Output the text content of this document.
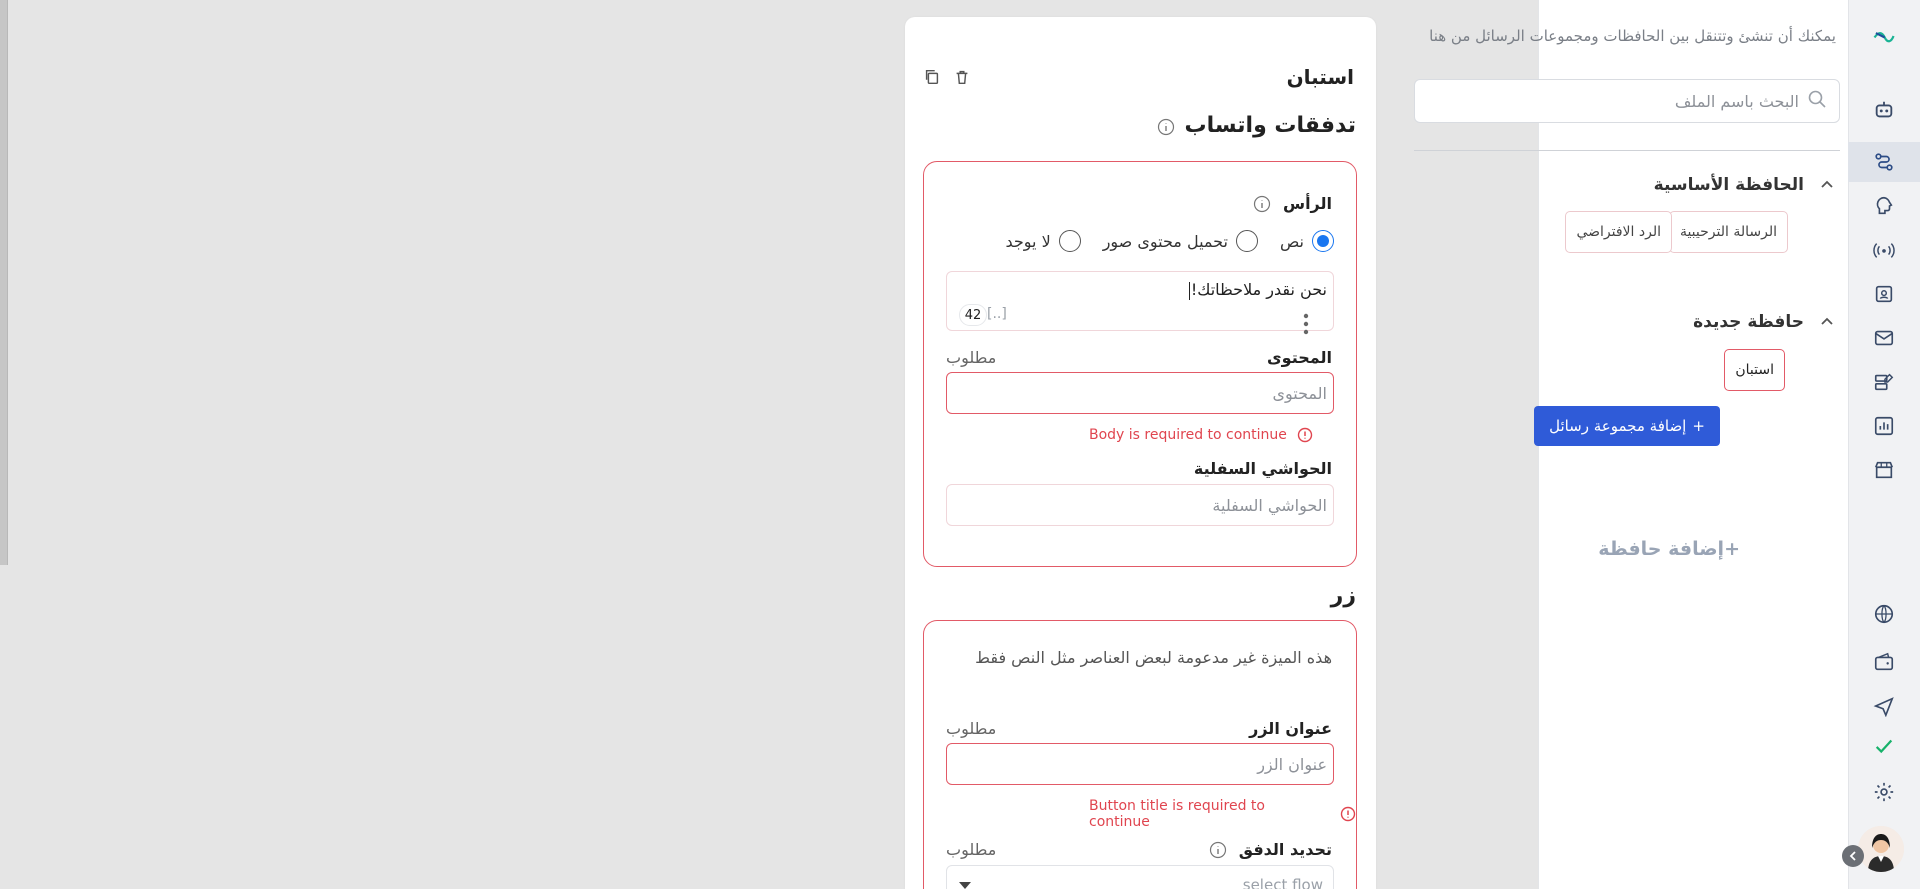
استبان
تدفقات واتساب
الرأس
نص
تحميل محتوى صور
لا يوجد
نحن نقدر ملاحظاتك!
[..]
42
المحتوى
مطلوب
المحتوى
Body is required to continue
الحواشي السفلية
الحواشي السفلية
زر
هذه الميزة غير مدعومة لبعض العناصر مثل النص فقط
عنوان الزر
مطلوب
عنوان الزر
Button title is required to continue
تحديد الدفق
مطلوب
select flow
يمكنك أن تنشئ وتتنقل بين الحافظات ومجموعات الرسائل من هنا
البحث باسم الملف
الحافظة الأساسية
الرسالة الترحيبية
الرد الافتراضي
حافظة جديدة
استبان
+
إضافة مجموعة رسائل
+إضافة حافظة
